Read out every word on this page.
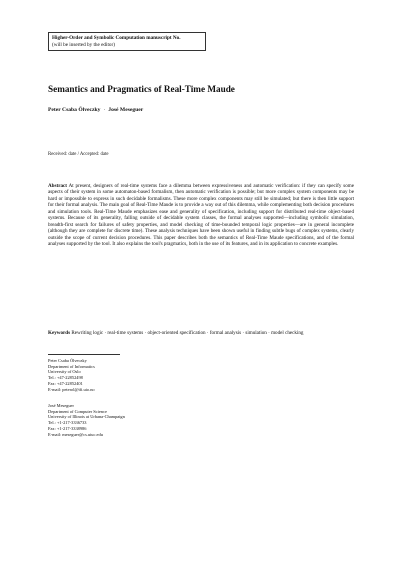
Higher-Order and Symbolic Computation manuscript No.
(will be inserted by the editor)
Semantics and Pragmatics of Real-Time Maude
Peter Csaba Ölveczky · José Meseguer
Received: date / Accepted: date
Abstract At present, designers of real-time systems face a dilemma between expressiveness and automatic verification: if they can specify some aspects of their system in some automaton-based formalism, then automatic verification is possible; but more complex system components may be hard or impossible to express in such decidable formalisms. These more complex components may still be simulated; but there is then little support for their formal analysis. The main goal of Real-Time Maude is to provide a way out of this dilemma, while complementing both decision procedures and simulation tools. Real-Time Maude emphasizes ease and generality of specification, including support for distributed real-time object-based systems. Because of its generality, falling outside of decidable system classes, the formal analyses supported—including symbolic simulation, breadth-first search for failures of safety properties, and model checking of time-bounded temporal logic properties—are in general incomplete (although they are complete for discrete time). These analysis techniques have been shown useful in finding subtle bugs of complex systems, clearly outside the scope of current decision procedures. This paper describes both the semantics of Real-Time Maude specifications, and of the formal analyses supported by the tool. It also explains the tool's pragmatics, both in the use of its features, and in its application to concrete examples.
Keywords Rewriting logic · real-time systems · object-oriented specification · formal analysis · simulation · model checking
Peter Csaba Ölveczky
Department of Informatics
University of Oslo
Tel.: +47-22852498
Fax: +47-22852401
E-mail: peterol@ifi.uio.no
José Meseguer
Department of Computer Science
University of Illinois at Urbana-Champaign
Tel.: +1-217-3336733
Fax: +1-217-3338986
E-mail: meseguer@cs.uiuc.edu
